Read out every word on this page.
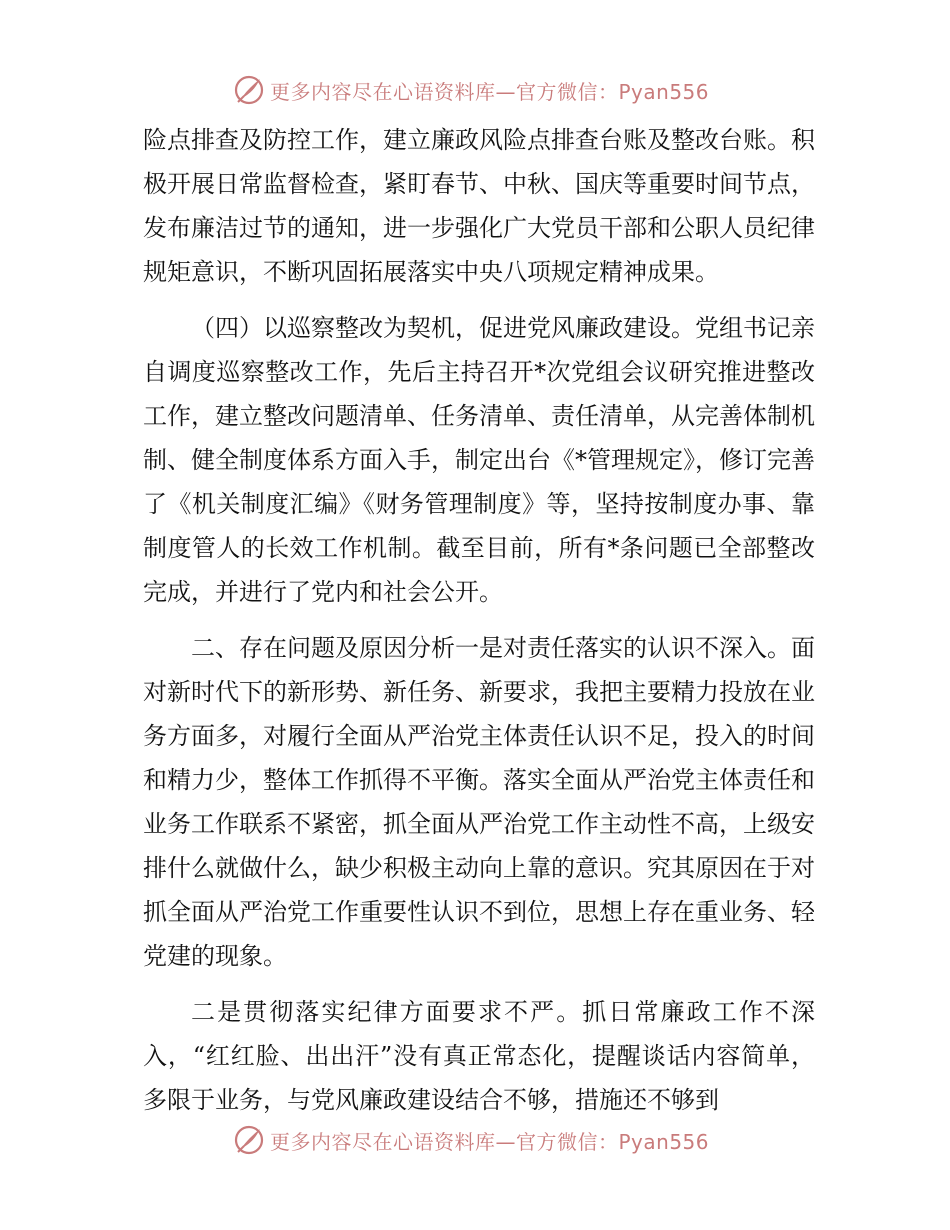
更多内容尽在心语资料库—官方微信：Pyan556

险点排查及防控工作，建立廉政风险点排查台账及整改台账。积极开展日常监督检查，紧盯春节、中秋、国庆等重要时间节点，发布廉洁过节的通知，进一步强化广大党员干部和公职人员纪律规矩意识，不断巩固拓展落实中央八项规定精神成果。

（四）以巡察整改为契机，促进党风廉政建设。党组书记亲自调度巡察整改工作，先后主持召开*次党组会议研究推进整改工作，建立整改问题清单、任务清单、责任清单，从完善体制机制、健全制度体系方面入手，制定出台《*管理规定》，修订完善了《机关制度汇编》《财务管理制度》等，坚持按制度办事、靠制度管人的长效工作机制。截至目前，所有*条问题已全部整改完成，并进行了党内和社会公开。

二、存在问题及原因分析一是对责任落实的认识不深入。面对新时代下的新形势、新任务、新要求，我把主要精力投放在业务方面多，对履行全面从严治党主体责任认识不足，投入的时间和精力少，整体工作抓得不平衡。落实全面从严治党主体责任和业务工作联系不紧密，抓全面从严治党工作主动性不高，上级安排什么就做什么，缺少积极主动向上靠的意识。究其原因在于对抓全面从严治党工作重要性认识不到位，思想上存在重业务、轻党建的现象。

二是贯彻落实纪律方面要求不严。抓日常廉政工作不深入，“红红脸、出出汗”没有真正常态化，提醒谈话内容简单，多限于业务，与党风廉政建设结合不够，措施还不够到

更多内容尽在心语资料库—官方微信：Pyan556
